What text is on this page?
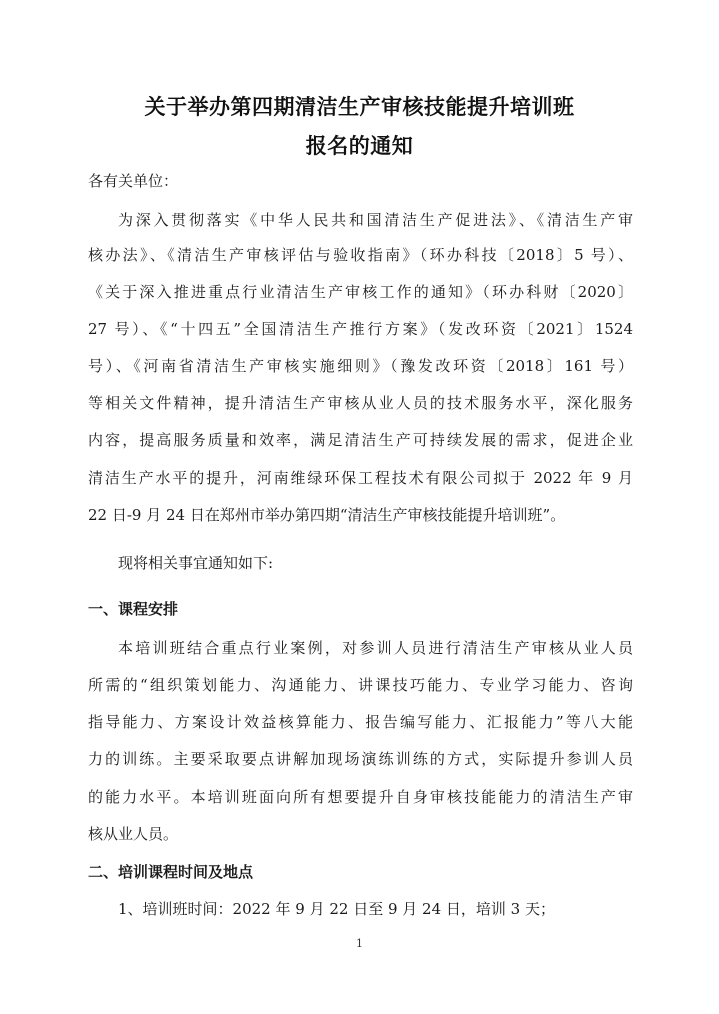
关于举办第四期清洁生产审核技能提升培训班
报名的通知

各有关单位：

为深入贯彻落实《中华人民共和国清洁生产促进法》、《清洁生产审

核办法》、《清洁生产审核评估与验收指南》（环办科技〔2018〕5 号）、

《关于深入推进重点行业清洁生产审核工作的通知》（环办科财〔2020〕

27 号）、《“十四五”全国清洁生产推行方案》（发改环资〔2021〕1524

号）、《河南省清洁生产审核实施细则》（豫发改环资〔2018〕161 号）

等相关文件精神，提升清洁生产审核从业人员的技术服务水平，深化服务

内容，提高服务质量和效率，满足清洁生产可持续发展的需求，促进企业

清洁生产水平的提升，河南维绿环保工程技术有限公司拟于 2022 年 9 月

22 日-9 月 24 日在郑州市举办第四期“清洁生产审核技能提升培训班”。

现将相关事宜通知如下:

一、课程安排

本培训班结合重点行业案例，对参训人员进行清洁生产审核从业人员

所需的“组织策划能力、沟通能力、讲课技巧能力、专业学习能力、咨询

指导能力、方案设计效益核算能力、报告编写能力、汇报能力”等八大能

力的训练。主要采取要点讲解加现场演练训练的方式，实际提升参训人员

的能力水平。本培训班面向所有想要提升自身审核技能能力的清洁生产审

核从业人员。

二、培训课程时间及地点

1、培训班时间：2022 年 9 月 22 日至 9 月 24 日，培训 3 天；

1
